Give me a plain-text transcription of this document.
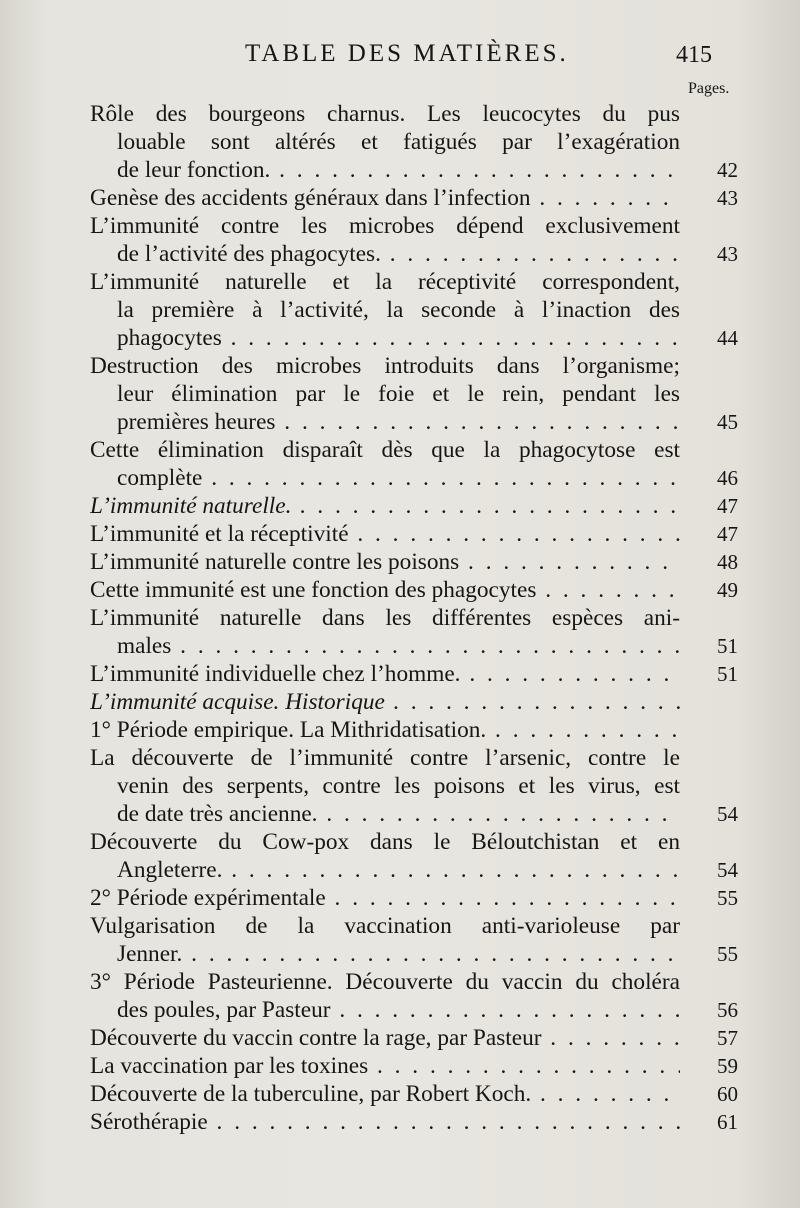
TABLE DES MATIÈRES.	415
Pages.
Rôle des bourgeons charnus. Les leucocytes du pus
louable sont altérés et fatigués par l’exagération
de leur fonction. . . .	42
Genèse des accidents généraux dans l’infection . . .	43
L’immunité contre les microbes dépend exclusivement
de l’activité des phagocytes. . . .	43
L’immunité naturelle et la réceptivité correspondent,
la première à l’activité, la seconde à l’inaction des
phagocytes . . .	44
Destruction des microbes introduits dans l’organisme;
leur élimination par le foie et le rein, pendant les
premières heures . . .	45
Cette élimination disparaît dès que la phagocytose est
complète . . .	46
L’immunité naturelle. . . .	47
L’immunité et la réceptivité . . .	47
L’immunité naturelle contre les poisons . . .	48
Cette immunité est une fonction des phagocytes . . .	49
L’immunité naturelle dans les différentes espèces ani-
males . . .	51
L’immunité individuelle chez l’homme. . . .	51
L’immunité acquise. Historique . . .
1° Période empirique. La Mithridatisation. . . .
La découverte de l’immunité contre l’arsenic, contre le
venin des serpents, contre les poisons et les virus, est
de date très ancienne. . . .	54
Découverte du Cow-pox dans le Béloutchistan et en
Angleterre. . . .	54
2° Période expérimentale . . .	55
Vulgarisation de la vaccination anti-varioleuse par
Jenner. . . .	55
3° Période Pasteurienne. Découverte du vaccin du choléra
des poules, par Pasteur . . .	56
Découverte du vaccin contre la rage, par Pasteur . . .	57
La vaccination par les toxines . . .	59
Découverte de la tuberculine, par Robert Koch. . . .	60
Sérothérapie . . .	61
